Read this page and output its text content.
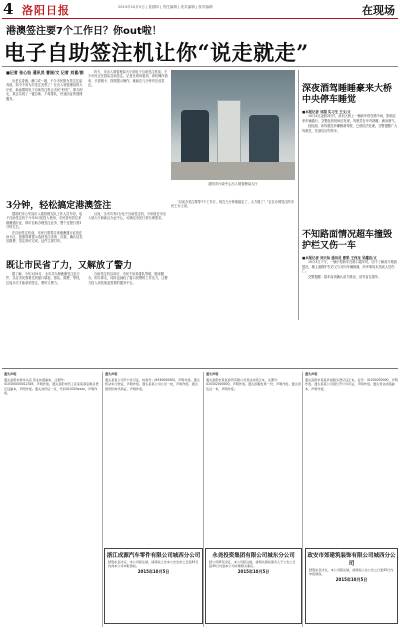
4 洛阳日报	2015年10月5日 | 星期四 | 责任编辑 | 美术编辑 | 校对编辑	在现场
港澳签注要7个工作日？你out啦！
电子自助签注机让你“说走就走”
■记者 张心怡 通讯员 曹刚/文 记者 刘喜/图

出差去香港，澳门或一趟，不少市民都为签注往返奔波，如今不用为办签注发愁了！在出入境管理局的大厅里，新添置的电子自助签注机让市民“秒签”，即办即走，真正实现了一键自助、不再排队、快速出证的便捷服务。

昨天，市出入境管理局大厅的电子自助签注机前，不少市民正在排队自助签注。记者在现场看到，该机操作简单，只需刷卡、按照提示操作，就能在几分钟内完成签注。

3分钟，轻松搞定港澳签注

据洛阳市公安局出入境管理支队工作人员介绍，电子自助签注机于今年9月底投入使用，市民持有效往来港澳通行证，即可自助办理签注业务，整个过程只需3分钟左右。

在自助签注机前，市民只需将往来港澳通行证放在读卡区，按照屏幕提示选择签注类别、次数，确认信息后缴费，签注即可完成，证件立即打印。

目前，全市共有2台电子自助签注机，分别设在市出入境大厅和新区办证中心，可满足市民日常办理需求。

既让市民省了力，又解放了警力

据了解，今年1至9月，全市共办理港澳签注近万件，以往市民需要先到窗口填表、排队、缴费、等待，往返多次才能拿到签注，费时又费力。

自助签注机启用后，市民不用再排队等候，随来随办，即办即走，同时也减轻了窗口民警的工作压力，让警力投入到其他更需要的服务中去。

“以前办签注要等7个工作日，现在几分钟就搞定了，太方便了！”正在办理签注的市民王女士说。

洛阳市行政中心出入境管理局大厅
深夜酒驾睡睡豪来大桥中央停车睡觉
■本报记者 刘超 实习生 王文/文

10月4日凌晨2时许，洛河大桥上一辆轿车停在路中间，影响往来车辆通行，交警赶到现场后发现，驾驶员在车内熟睡，满身酒气。

经检测，该驾驶员涉嫌醉酒驾驶，已被依法处理。交警提醒广大驾驶员，饮酒后切勿驾车。

不知路面情况超车撞毁护栏又伤一车
■本报记者 刘天仙 通讯员 曹梁 王伟龙 吴耀忠/文

10月3日下午，一辆小型轿车在路口超车时，因不了解前方路面情况，撞上道路护栏后又与对向车辆相撞，所幸事故未造成人员伤亡。

交警提醒：超车前须确认前方路况，切勿盲目超车。

遗失声明
遗失洛阳市新华书店 营业执照副本，注册号：410300000012345，声明作废。遗失洛阳市西工区某某商店税务登记证副本，声明作废。遗失身份证一张，号码410303xxxx，声明作废。
遗失声明
遗失某某公司开户许可证，核准号：J4930000000，声明作废。遗失机动车行驶证，声明作废。遗失某某公司公章一枚，声明作废。遗失组织机构代码证，声明作废。
遗失声明
遗失洛阳市某某商贸有限公司营业执照正本，注册号：410302000000，声明作废。遗失国税发票一份，声明作废。遗失退伍证一本，声明作废。
遗失声明
遗失洛阳市某某宾馆税务登记证正本，证号：41030200000，声明作废。遗失某某公司银行开户许可证，声明作废。遗失营业执照副本，声明作废。
浙江成源汽车零件有限公司城西分公司
经股东会决议，本公司拟注销，请债权人自本公告发布之日起45日内向本公司申报债权。
2015年10月5日
永尧投资集团有限公司城东分公司
经公司研究决定，本公司拟注销，请相关债权债务人于公告之日起45日内到本公司办理相关事宜。
2015年10月5日
政安市郊建筑装饰有限公司城西分公司
经股东会决议，本公司拟注销，请债权人自公告之日起45日内申报债权。
2015年10月5日
